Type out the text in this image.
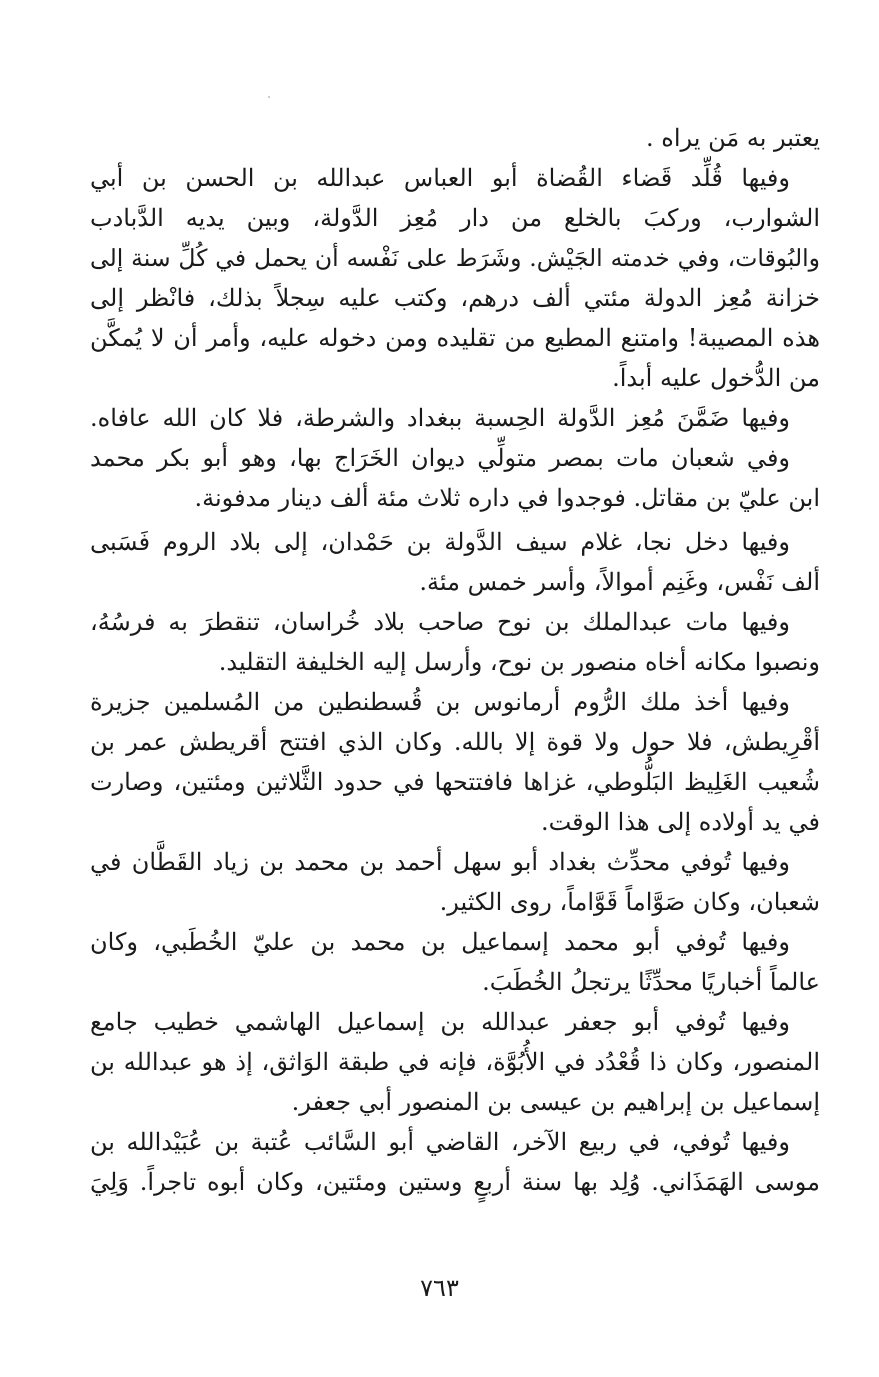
يعتبر به مَن يراه .
وفيها قُلِّد قَضاء القُضاة أبو العباس عبدالله بن الحسن بن أبي
الشوارب، وركبَ بالخلع من دار مُعِز الدَّولة، وبين يديه الدَّبادب
والبُوقات، وفي خدمته الجَيْش. وشَرَط على نَفْسه أن يحمل في كُلِّ سنة إلى
خزانة مُعِز الدولة مئتي ألف درهم، وكتب عليه سِجلاً بذلك، فانْظر إلى
هذه المصيبة! وامتنع المطيع من تقليده ومن دخوله عليه، وأمر أن لا يُمكَّن
من الدُّخول عليه أبداً.
وفيها ضَمَّنَ مُعِز الدَّولة الحِسبة ببغداد والشرطة، فلا كان الله عافاه.
وفي شعبان مات بمصر متولِّي ديوان الخَرَاج بها، وهو أبو بكر محمد
ابن عليّ بن مقاتل. فوجدوا في داره ثلاث مئة ألف دينار مدفونة.
وفيها دخل نجا، غلام سيف الدَّولة بن حَمْدان، إلى بلاد الروم فَسَبى
ألف نَفْس، وغَنِم أموالاً، وأسر خمس مئة.
وفيها مات عبدالملك بن نوح صاحب بلاد خُراسان، تنقطرَ به فرسُهُ،
ونصبوا مكانه أخاه منصور بن نوح، وأرسل إليه الخليفة التقليد.
وفيها أخذ ملك الرُّوم أرمانوس بن قُسطنطين من المُسلمين جزيرة
أقْرِيطش، فلا حول ولا قوة إلا بالله. وكان الذي افتتح أقريطش عمر بن
شُعيب الغَلِيظ البَلُّوطي، غزاها فافتتحها في حدود الثَّلاثين ومئتين، وصارت
في يد أولاده إلى هذا الوقت.
وفيها تُوفي محدِّث بغداد أبو سهل أحمد بن محمد بن زياد القَطَّان في
شعبان، وكان صَوَّاماً قَوَّاماً، روى الكثير.
وفيها تُوفي أبو محمد إسماعيل بن محمد بن عليّ الخُطَبي، وكان
عالماً أخباريًا محدِّثًا يرتجلُ الخُطَبَ.
وفيها تُوفي أبو جعفر عبدالله بن إسماعيل الهاشمي خطيب جامع
المنصور، وكان ذا قُعْدُد في الأُبُوَّة، فإنه في طبقة الوَاثق، إذ هو عبدالله بن
إسماعيل بن إبراهيم بن عيسى بن المنصور أبي جعفر.
وفيها تُوفي، في ربيع الآخر، القاضي أبو السَّائب عُتبة بن عُبَيْدالله بن
موسى الهَمَذَاني. وُلِد بها سنة أربعٍ وستين ومئتين، وكان أبوه تاجراً. وَلِيَ
٧٦٣
